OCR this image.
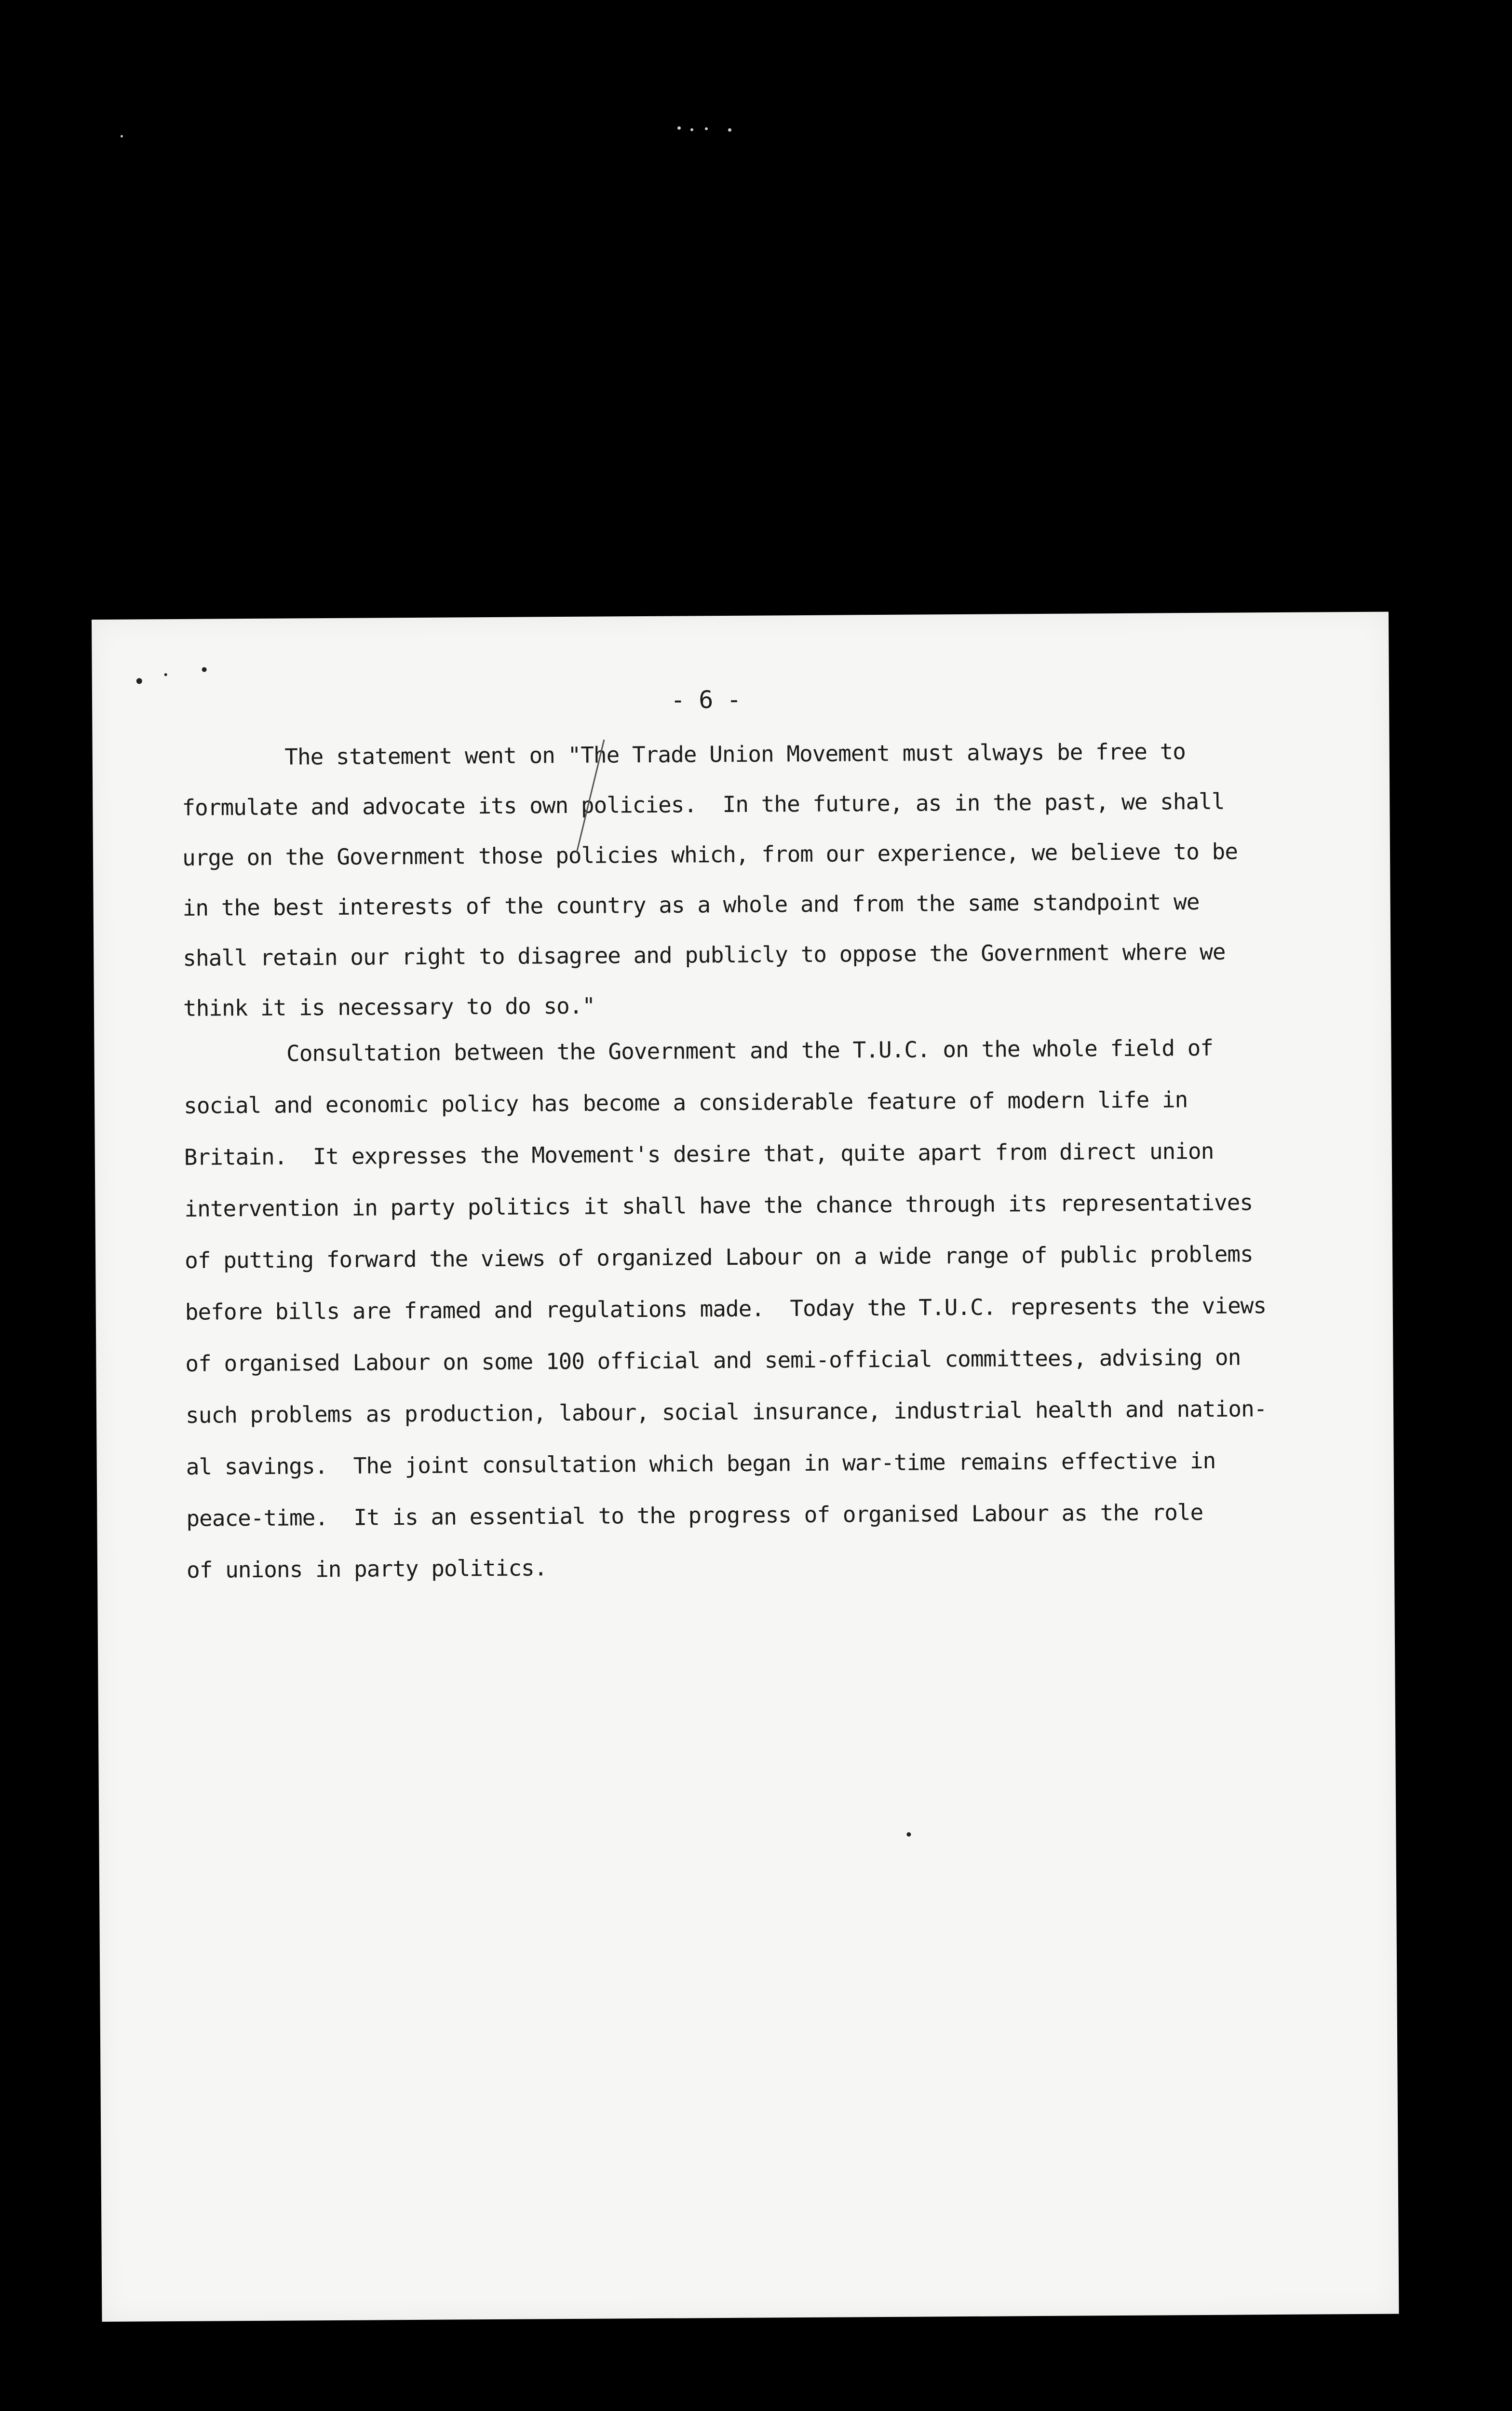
- 6 -
The statement went on "The Trade Union Movement must always be free to
formulate and advocate its own policies.  In the future, as in the past, we shall
urge on the Government those policies which, from our experience, we believe to be
in the best interests of the country as a whole and from the same standpoint we
shall retain our right to disagree and publicly to oppose the Government where we
think it is necessary to do so."
Consultation between the Government and the T.U.C. on the whole field of
social and economic policy has become a considerable feature of modern life in
Britain.  It expresses the Movement's desire that, quite apart from direct union
intervention in party politics it shall have the chance through its representatives
of putting forward the views of organized Labour on a wide range of public problems
before bills are framed and regulations made.  Today the T.U.C. represents the views
of organised Labour on some 100 official and semi-official committees, advising on
such problems as production, labour, social insurance, industrial health and nation-
al savings.  The joint consultation which began in war-time remains effective in
peace-time.  It is an essential to the progress of organised Labour as the role
of unions in party politics.
